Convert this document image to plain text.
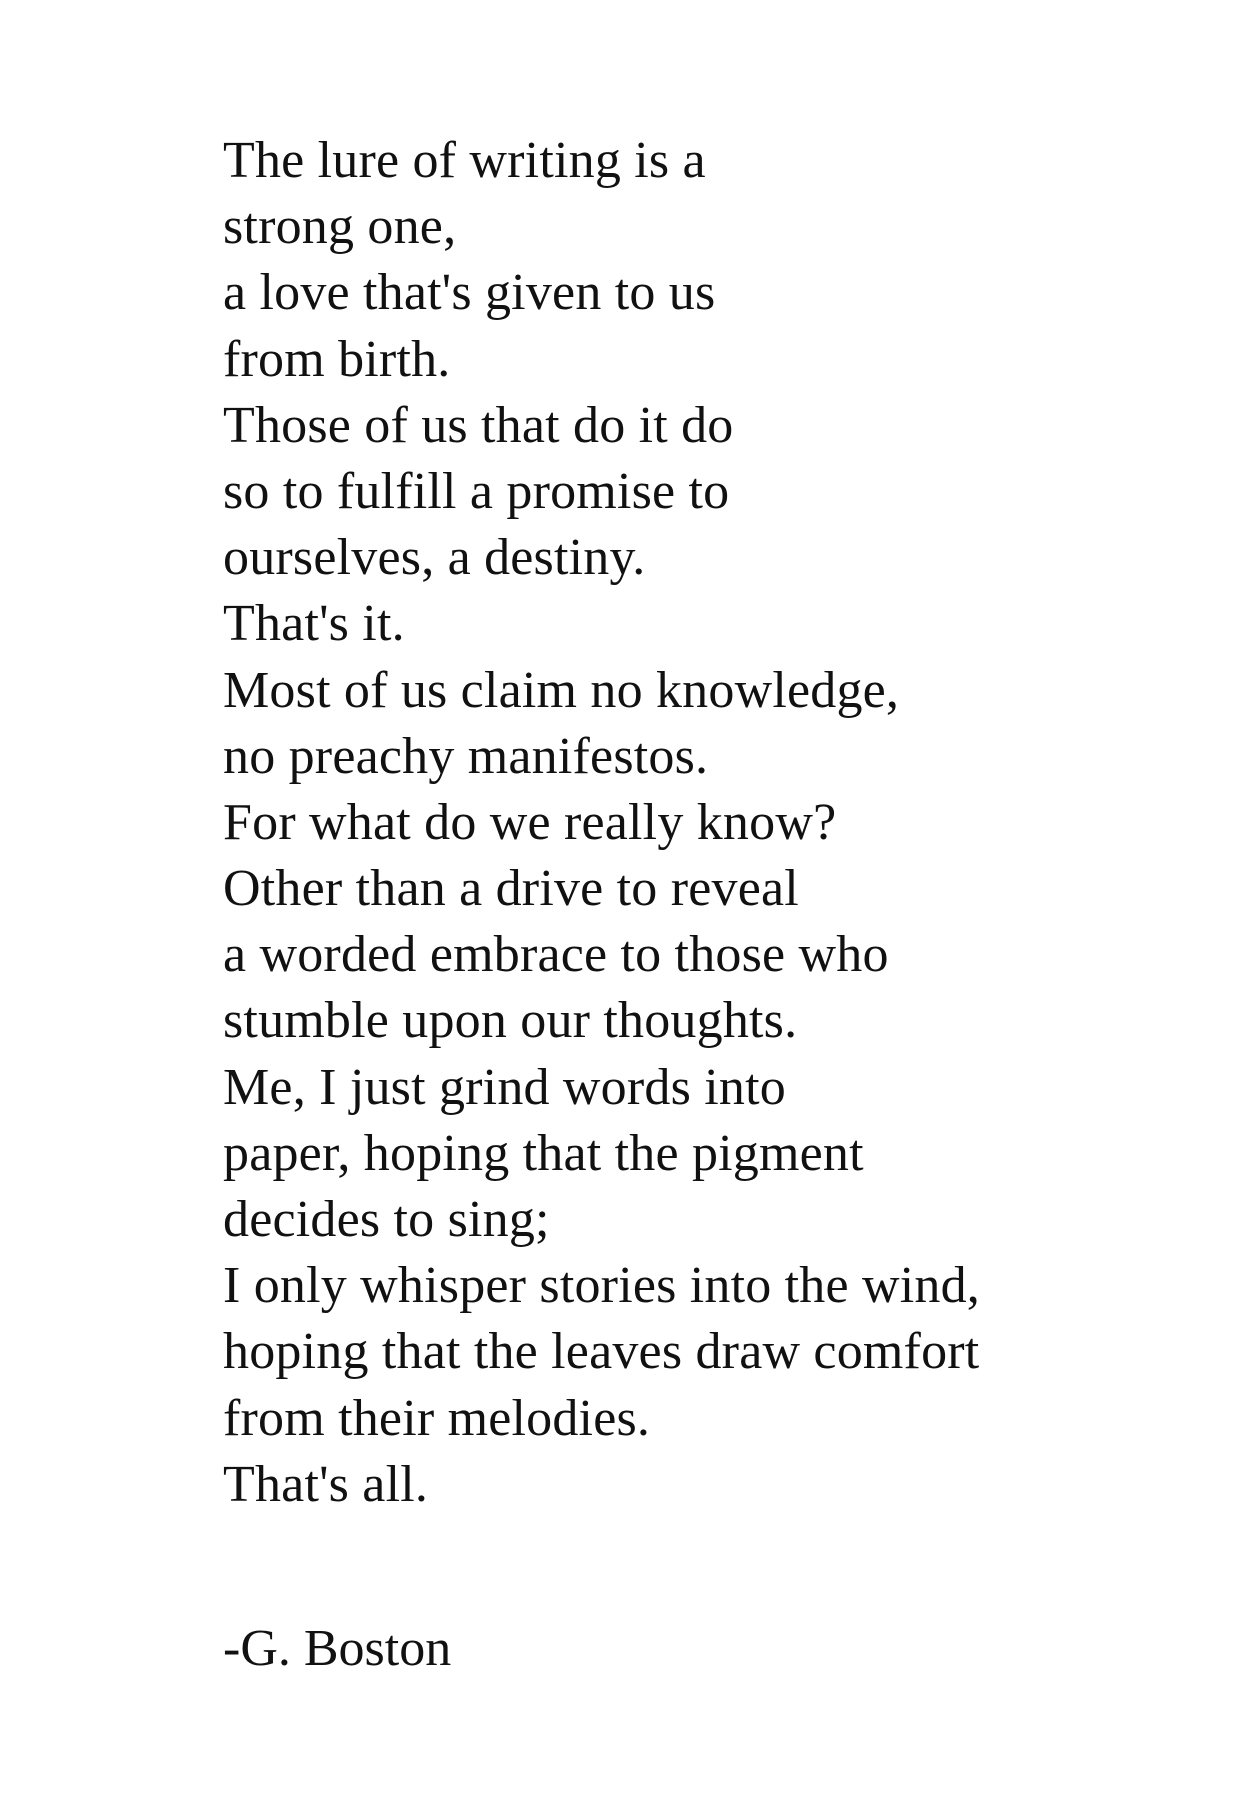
The lure of writing is a
strong one,
a love that's given to us
from birth.
Those of us that do it do
so to fulfill a promise to
ourselves, a destiny.
That's it.
Most of us claim no knowledge,
no preachy manifestos.
For what do we really know?
Other than a drive to reveal
a worded embrace to those who
stumble upon our thoughts.
Me, I just grind words into
paper, hoping that the pigment
decides to sing;
I only whisper stories into the wind,
hoping that the leaves draw comfort
from their melodies.
That's all.
-G. Boston
